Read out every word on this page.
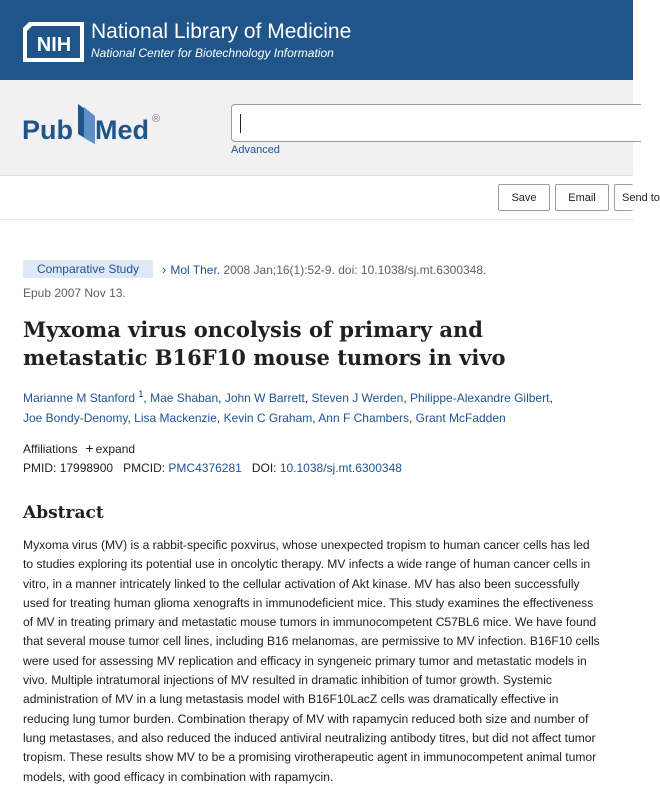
NIH
National Library of Medicine
National Center for Biotechnology Information
Pub Med ®
Advanced
Save	Email	Send to
Comparative Study	› Mol Ther. 2008 Jan;16(1):52-9. doi: 10.1038/sj.mt.6300348.
Epub 2007 Nov 13.
Myxoma virus oncolysis of primary and metastatic B16F10 mouse tumors in vivo
Marianne M Stanford $^1$, Mae Shaban, John W Barrett, Steven J Werden, Philippe-Alexandre Gilbert,
Joe Bondy-Denomy, Lisa Mackenzie, Kevin C Graham, Ann F Chambers, Grant McFadden
Affiliations + expand
PMID: 17998900 PMCID: PMC4376281 DOI: 10.1038/sj.mt.6300348
Abstract

Myxoma virus (MV) is a rabbit-specific poxvirus, whose unexpected tropism to human cancer cells has led to studies exploring its potential use in oncolytic therapy. MV infects a wide range of human cancer cells in vitro, in a manner intricately linked to the cellular activation of Akt kinase. MV has also been successfully used for treating human glioma xenografts in immunodeficient mice. This study examines the effectiveness of MV in treating primary and metastatic mouse tumors in immunocompetent C57BL6 mice. We have found that several mouse tumor cell lines, including B16 melanomas, are permissive to MV infection. B16F10 cells were used for assessing MV replication and efficacy in syngeneic primary tumor and metastatic models in vivo. Multiple intratumoral injections of MV resulted in dramatic inhibition of tumor growth. Systemic administration of MV in a lung metastasis model with B16F10LacZ cells was dramatically effective in reducing lung tumor burden. Combination therapy of MV with rapamycin reduced both size and number of lung metastases, and also reduced the induced antiviral neutralizing antibody titres, but did not affect tumor tropism. These results show MV to be a promising virotherapeutic agent in immunocompetent animal tumor models, with good efficacy in combination with rapamycin.
